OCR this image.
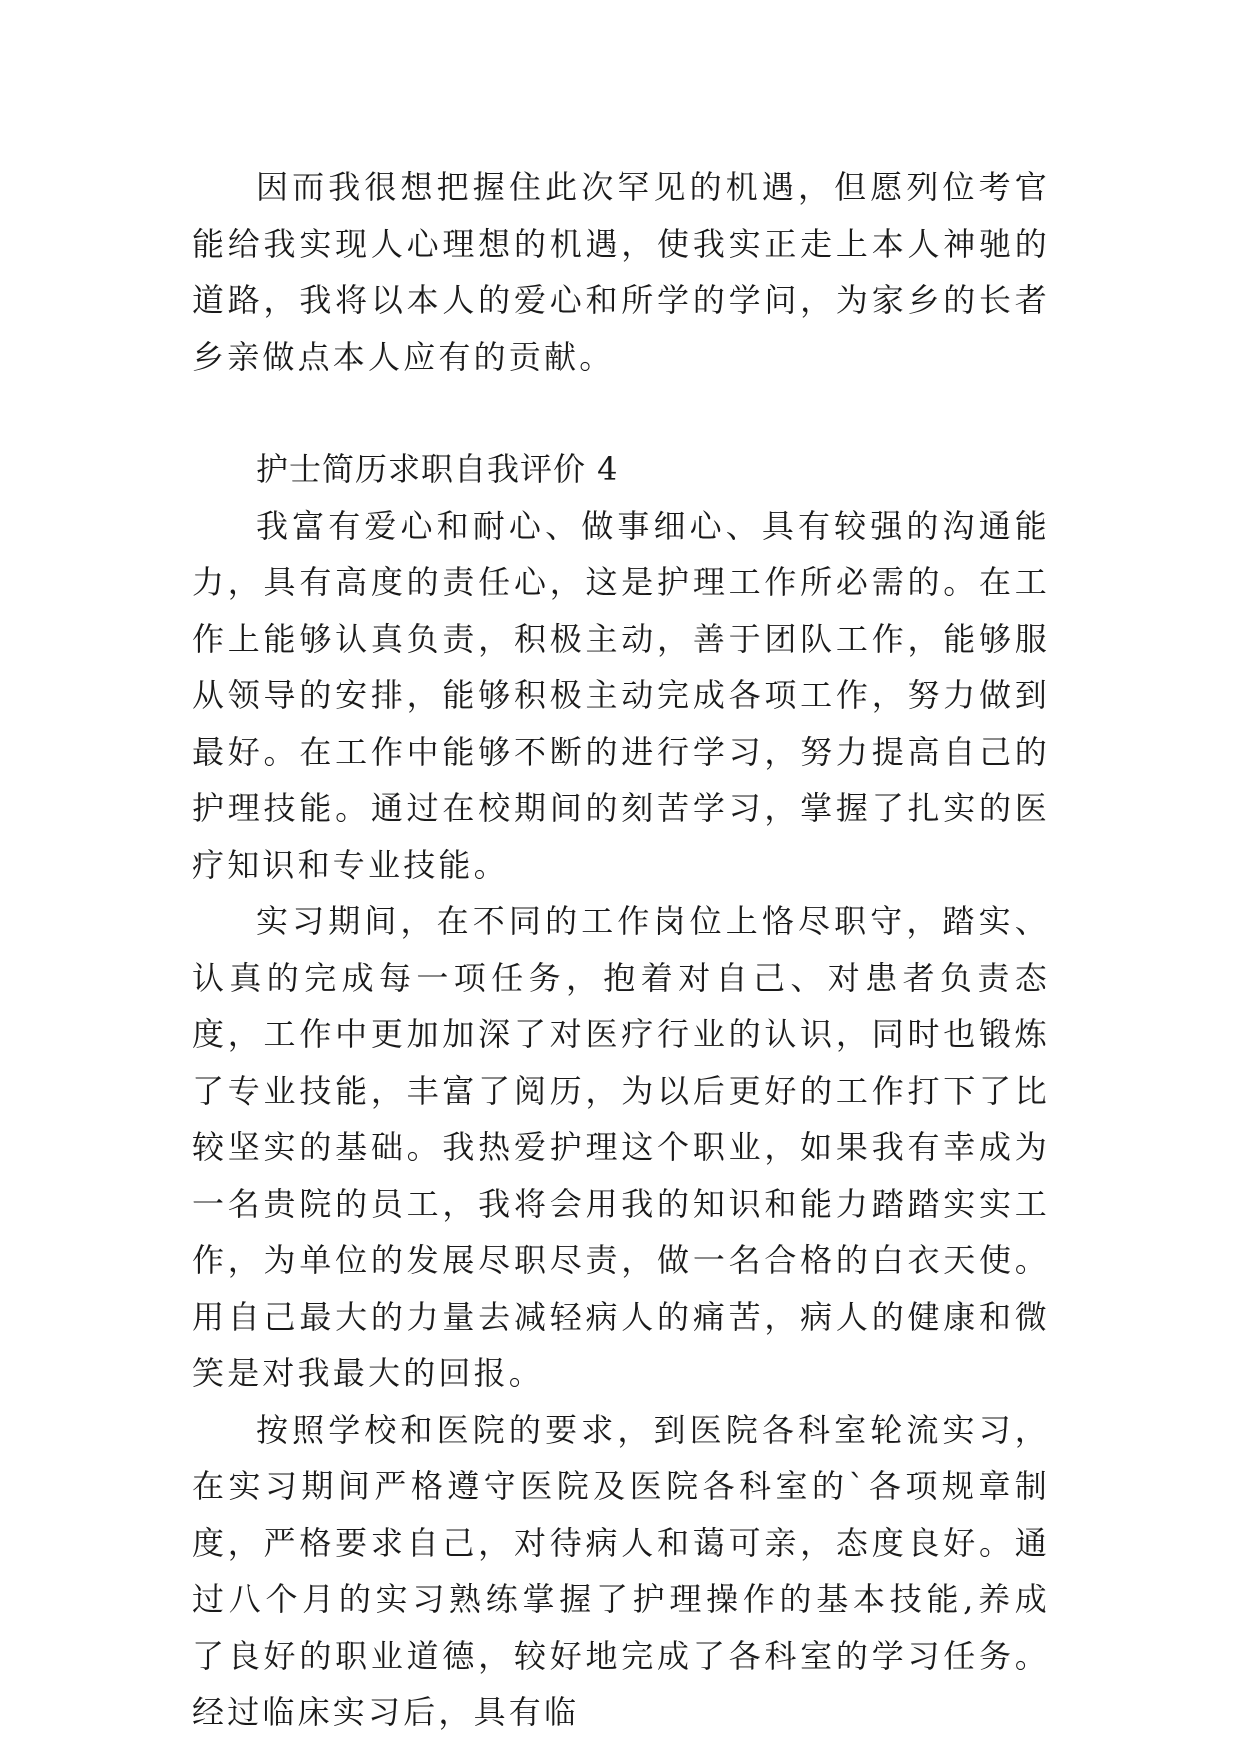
因而我很想把握住此次罕见的机遇，但愿列位考官能给我实现人心理想的机遇，使我实正走上本人神驰的道路，我将以本人的爱心和所学的学问，为家乡的长者乡亲做点本人应有的贡献。

护士简历求职自我评价 4

我富有爱心和耐心、做事细心、具有较强的沟通能力，具有高度的责任心，这是护理工作所必需的。在工作上能够认真负责，积极主动，善于团队工作，能够服从领导的安排，能够积极主动完成各项工作，努力做到最好。在工作中能够不断的进行学习，努力提高自己的护理技能。通过在校期间的刻苦学习，掌握了扎实的医疗知识和专业技能。

实习期间，在不同的工作岗位上恪尽职守，踏实、认真的完成每一项任务，抱着对自己、对患者负责态度，工作中更加加深了对医疗行业的认识，同时也锻炼了专业技能，丰富了阅历，为以后更好的工作打下了比较坚实的基础。我热爱护理这个职业，如果我有幸成为一名贵院的员工，我将会用我的知识和能力踏踏实实工作，为单位的发展尽职尽责，做一名合格的白衣天使。用自己最大的力量去减轻病人的痛苦，病人的健康和微笑是对我最大的回报。

按照学校和医院的要求，到医院各科室轮流实习，在实习期间严格遵守医院及医院各科室的`各项规章制度，严格要求自己，对待病人和蔼可亲，态度良好。通过八个月的实习熟练掌握了护理操作的基本技能,养成了良好的职业道德，较好地完成了各科室的学习任务。经过临床实习后，具有临
